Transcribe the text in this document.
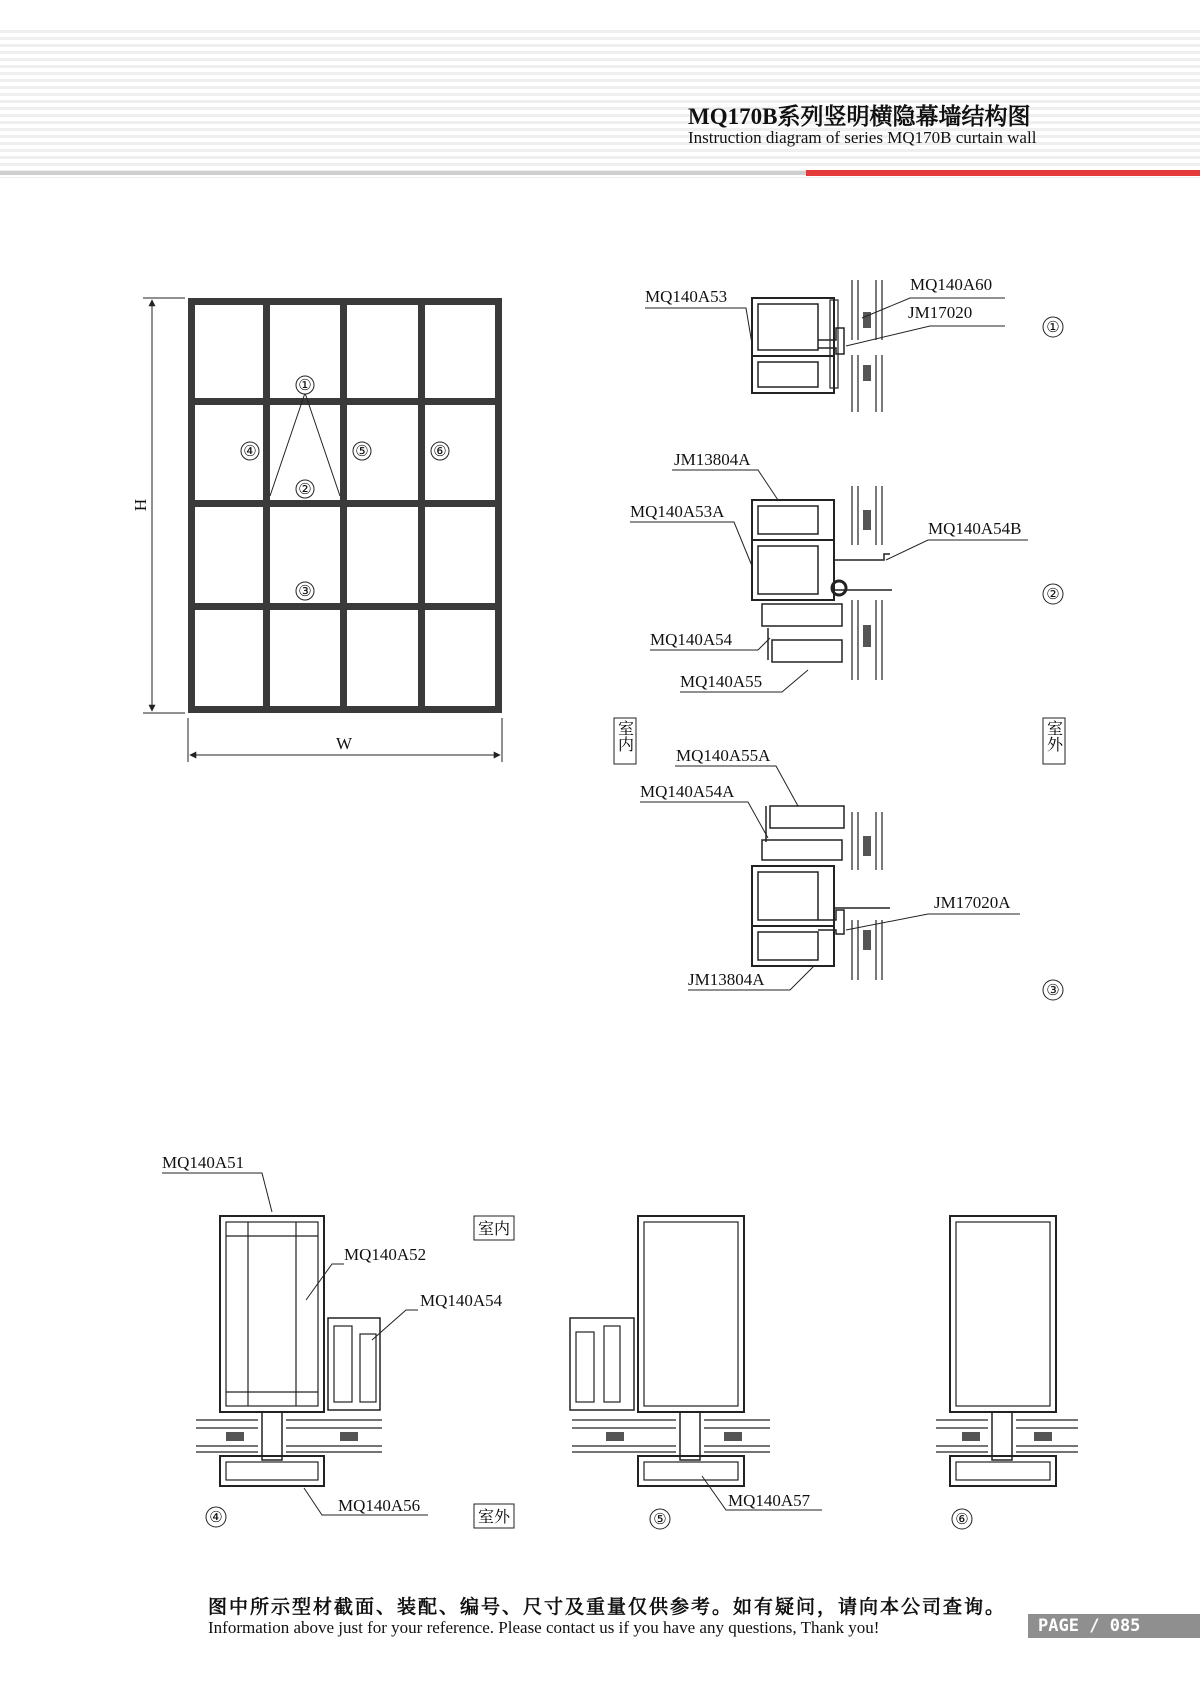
MQ170B系列竖明横隐幕墙结构图
Instruction diagram of series MQ170B curtain wall
H
W
①
②
③
④	⑤	⑥
MQ140A53
MQ140A60
JM17020
①
JM13804A
MQ140A53A
MQ140A54B
MQ140A54
MQ140A55
②
室内	室外
MQ140A55A
MQ140A54A
JM17020A
JM13804A
③
MQ140A51
MQ140A52
MQ140A54
MQ140A56
室内
室外
④
MQ140A57
⑤	⑥
图中所示型材截面、装配、编号、尺寸及重量仅供参考。如有疑问，请向本公司查询。
Information above just for your reference. Please contact us if you have any questions, Thank you!	PAGE / 085
